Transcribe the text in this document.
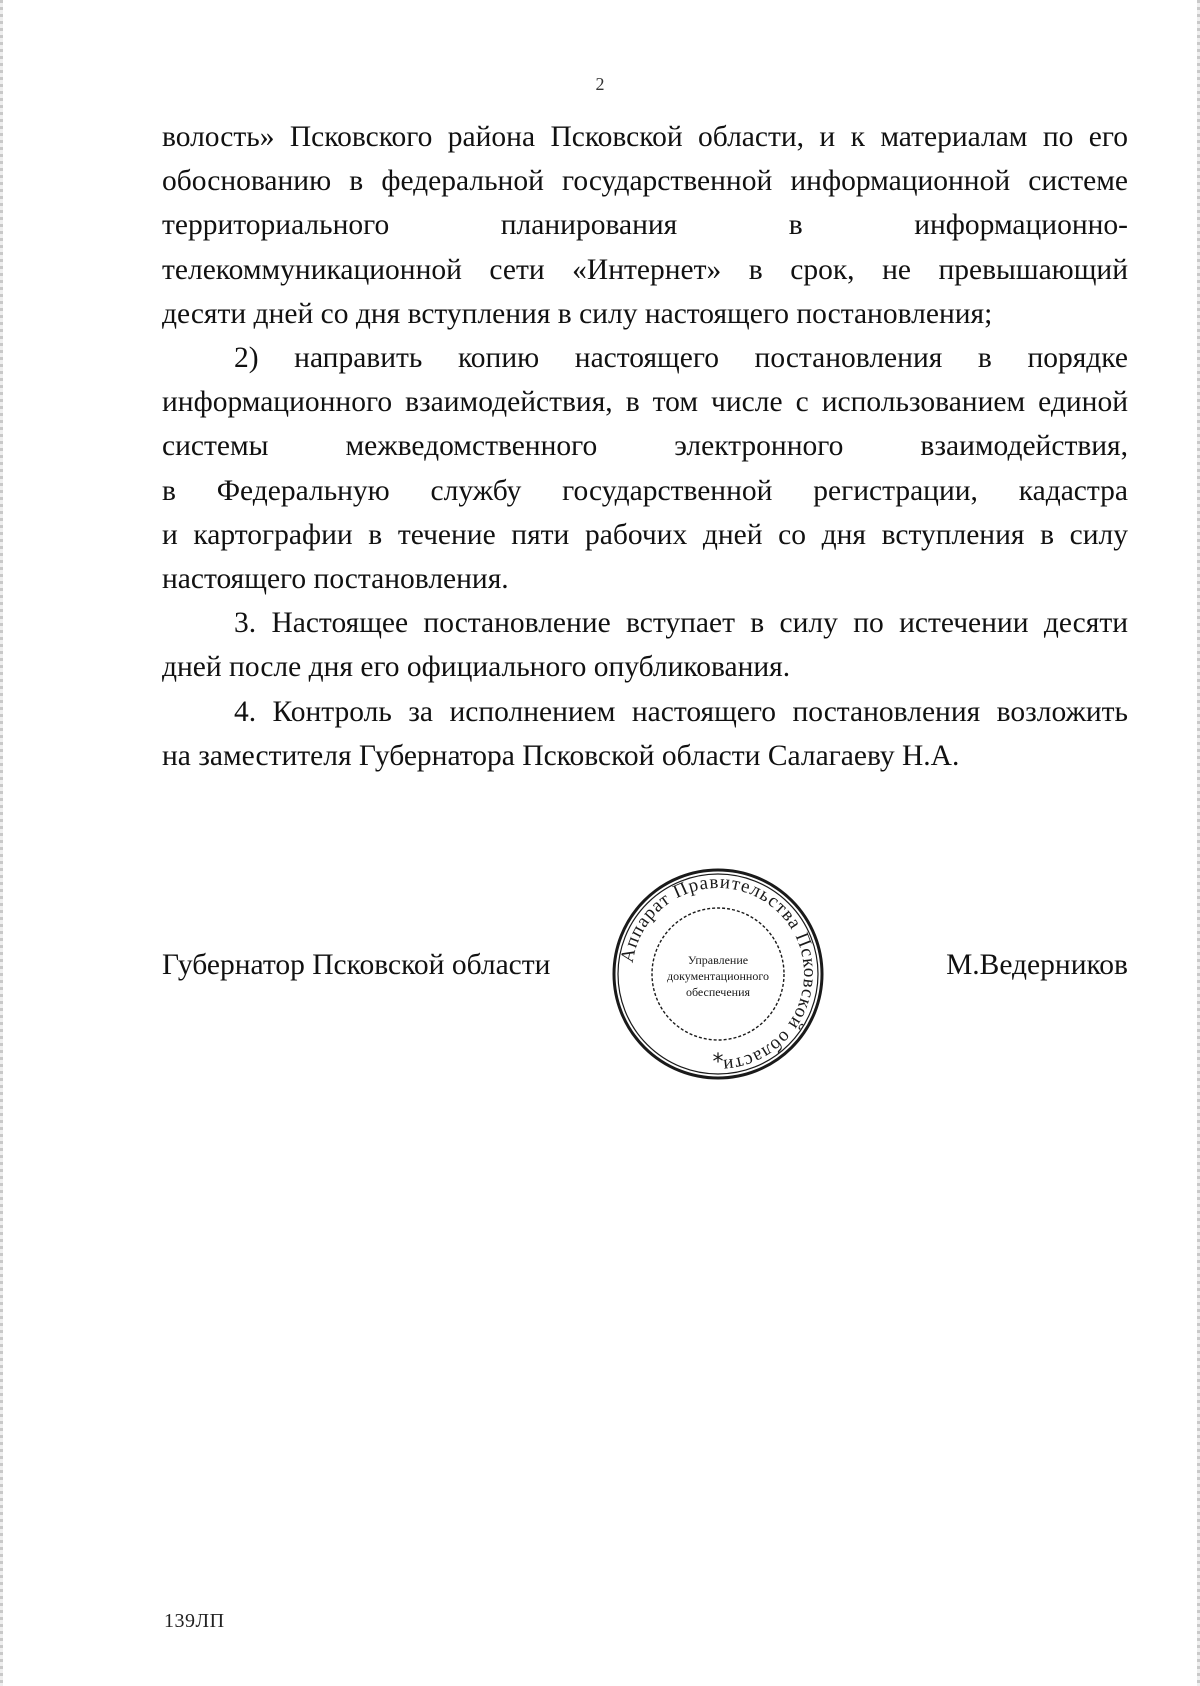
2

волость» Псковского района Псковской области, и к материалам по его
обоснованию в федеральной государственной информационной системе
территориального планирования в информационно-
телекоммуникационной сети «Интернет» в срок, не превышающий
десяти дней со дня вступления в силу настоящего постановления;

2) направить копию настоящего постановления в порядке
информационного взаимодействия, в том числе с использованием единой
системы межведомственного электронного взаимодействия,
в Федеральную службу государственной регистрации, кадастра
и картографии в течение пяти рабочих дней со дня вступления в силу
настоящего постановления.

3. Настоящее постановление вступает в силу по истечении десяти
дней после дня его официального опубликования.

4. Контроль за исполнением настоящего постановления возложить
на заместителя Губернатора Псковской области Салагаеву Н.А.

Губернатор Псковской области	М.Ведерников
Аппарат Правительства Псковской области
Управление
документационного
обеспечения
*
139ЛП
